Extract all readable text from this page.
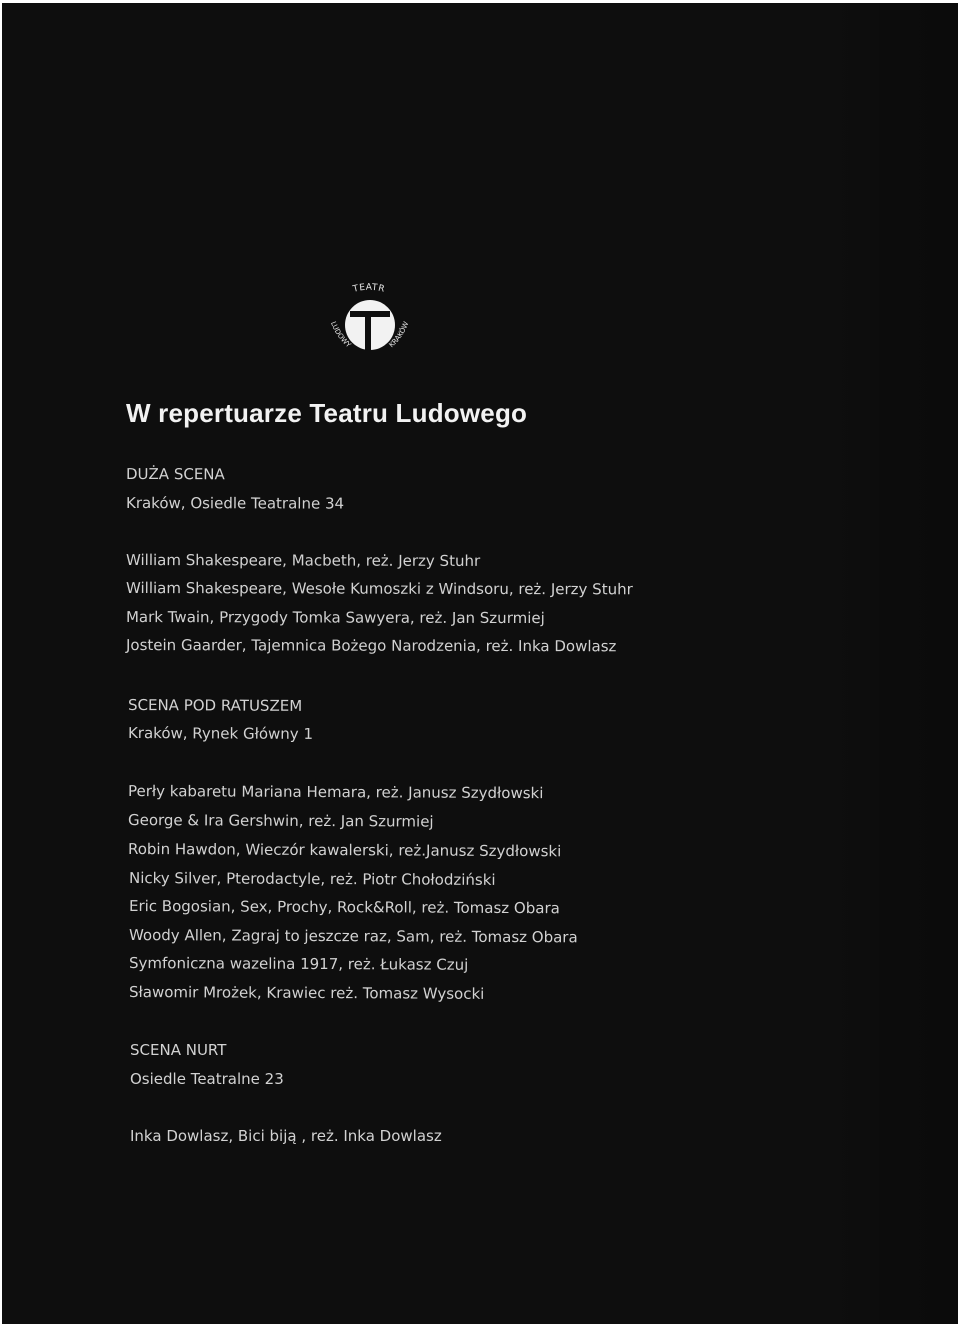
TEATR
LUDOWY	KRAKÓW
W repertuarze Teatru Ludowego
DUŻA SCENA
Kraków, Osiedle Teatralne 34
William Shakespeare, Macbeth, reż. Jerzy Stuhr
William Shakespeare, Wesołe Kumoszki z Windsoru, reż. Jerzy Stuhr
Mark Twain, Przygody Tomka Sawyera, reż. Jan Szurmiej
Jostein Gaarder, Tajemnica Bożego Narodzenia, reż. Inka Dowlasz
SCENA POD RATUSZEM
Kraków, Rynek Główny 1
Perły kabaretu Mariana Hemara, reż. Janusz Szydłowski
George & Ira Gershwin, reż. Jan Szurmiej
Robin Hawdon, Wieczór kawalerski, reż.Janusz Szydłowski
Nicky Silver, Pterodactyle, reż. Piotr Chołodziński
Eric Bogosian, Sex, Prochy, Rock&Roll, reż. Tomasz Obara
Woody Allen, Zagraj to jeszcze raz, Sam, reż. Tomasz Obara
Symfoniczna wazelina 1917, reż. Łukasz Czuj
Sławomir Mrożek, Krawiec reż. Tomasz Wysocki
SCENA NURT
Osiedle Teatralne 23
Inka Dowlasz, Bici biją , reż. Inka Dowlasz
